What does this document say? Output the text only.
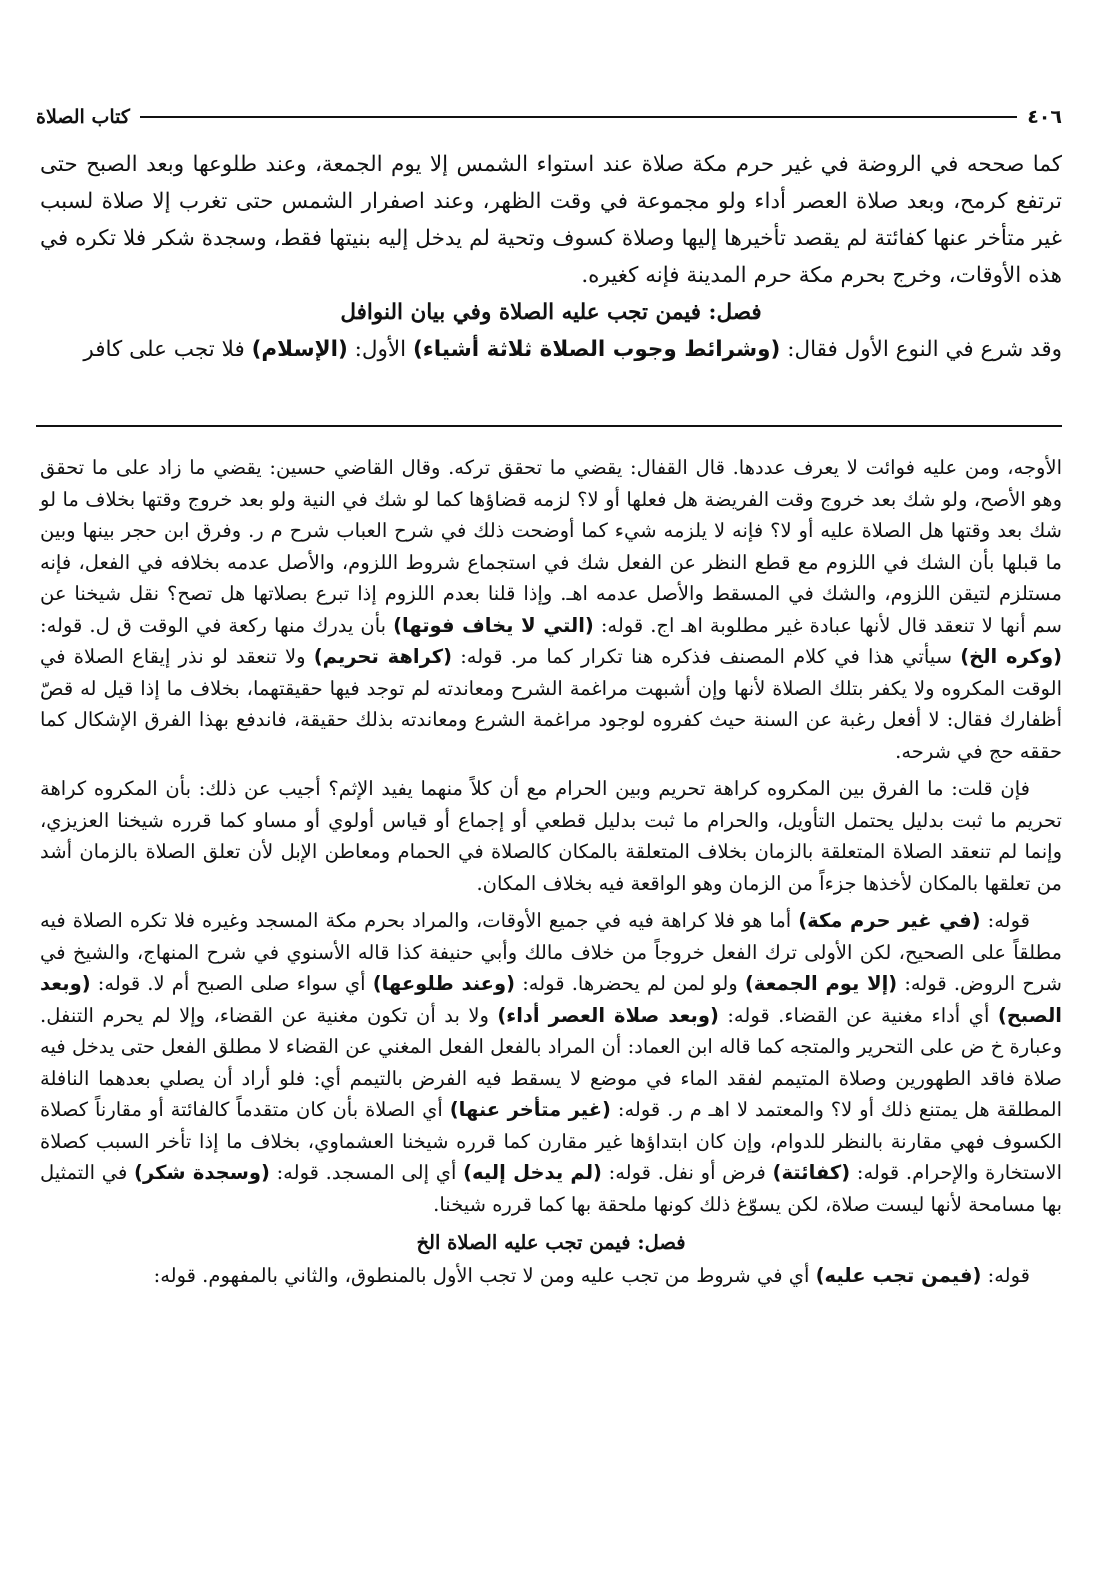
٤٠٦
كتاب الصلاة

كما صححه في الروضة في غير حرم مكة صلاة عند استواء الشمس إلا يوم الجمعة، وعند طلوعها وبعد الصبح حتى ترتفع كرمح، وبعد صلاة العصر أداء ولو مجموعة في وقت الظهر، وعند اصفرار الشمس حتى تغرب إلا صلاة لسبب غير متأخر عنها كفائتة لم يقصد تأخيرها إليها وصلاة كسوف وتحية لم يدخل إليه بنيتها فقط، وسجدة شكر فلا تكره في هذه الأوقات، وخرج بحرم مكة حرم المدينة فإنه كغيره.

فصل: فيمن تجب عليه الصلاة وفي بيان النوافل

وقد شرع في النوع الأول فقال: (وشرائط وجوب الصلاة ثلاثة أشياء) الأول: (الإسلام) فلا تجب على كافر

الأوجه، ومن عليه فوائت لا يعرف عددها. قال القفال: يقضي ما تحقق تركه. وقال القاضي حسين: يقضي ما زاد على ما تحقق وهو الأصح، ولو شك بعد خروج وقت الفريضة هل فعلها أو لا؟ لزمه قضاؤها كما لو شك في النية ولو بعد خروج وقتها بخلاف ما لو شك بعد وقتها هل الصلاة عليه أو لا؟ فإنه لا يلزمه شيء كما أوضحت ذلك في شرح العباب شرح م ر. وفرق ابن حجر بينها وبين ما قبلها بأن الشك في اللزوم مع قطع النظر عن الفعل شك في استجماع شروط اللزوم، والأصل عدمه بخلافه في الفعل، فإنه مستلزم لتيقن اللزوم، والشك في المسقط والأصل عدمه اهـ. وإذا قلنا بعدم اللزوم إذا تبرع بصلاتها هل تصح؟ نقل شيخنا عن سم أنها لا تنعقد قال لأنها عبادة غير مطلوبة اهـ اج. قوله: (التي لا يخاف فوتها) بأن يدرك منها ركعة في الوقت ق ل. قوله: (وكره الخ) سيأتي هذا في كلام المصنف فذكره هنا تكرار كما مر. قوله: (كراهة تحريم) ولا تنعقد لو نذر إيقاع الصلاة في الوقت المكروه ولا يكفر بتلك الصلاة لأنها وإن أشبهت مراغمة الشرح ومعاندته لم توجد فيها حقيقتهما، بخلاف ما إذا قيل له قصّ أظفارك فقال: لا أفعل رغبة عن السنة حيث كفروه لوجود مراغمة الشرع ومعاندته بذلك حقيقة، فاندفع بهذا الفرق الإشكال كما حققه حج في شرحه.

فإن قلت: ما الفرق بين المكروه كراهة تحريم وبين الحرام مع أن كلاً منهما يفيد الإثم؟ أجيب عن ذلك: بأن المكروه كراهة تحريم ما ثبت بدليل يحتمل التأويل، والحرام ما ثبت بدليل قطعي أو إجماع أو قياس أولوي أو مساو كما قرره شيخنا العزيزي، وإنما لم تنعقد الصلاة المتعلقة بالزمان بخلاف المتعلقة بالمكان كالصلاة في الحمام ومعاطن الإبل لأن تعلق الصلاة بالزمان أشد من تعلقها بالمكان لأخذها جزءاً من الزمان وهو الواقعة فيه بخلاف المكان.

قوله: (في غير حرم مكة) أما هو فلا كراهة فيه في جميع الأوقات، والمراد بحرم مكة المسجد وغيره فلا تكره الصلاة فيه مطلقاً على الصحيح، لكن الأولى ترك الفعل خروجاً من خلاف مالك وأبي حنيفة كذا قاله الأسنوي في شرح المنهاج، والشيخ في شرح الروض. قوله: (إلا يوم الجمعة) ولو لمن لم يحضرها. قوله: (وعند طلوعها) أي سواء صلى الصبح أم لا. قوله: (وبعد الصبح) أي أداء مغنية عن القضاء. قوله: (وبعد صلاة العصر أداء) ولا بد أن تكون مغنية عن القضاء، وإلا لم يحرم التنفل. وعبارة خ ض على التحرير والمتجه كما قاله ابن العماد: أن المراد بالفعل الفعل المغني عن القضاء لا مطلق الفعل حتى يدخل فيه صلاة فاقد الطهورين وصلاة المتيمم لفقد الماء في موضع لا يسقط فيه الفرض بالتيمم أي: فلو أراد أن يصلي بعدهما النافلة المطلقة هل يمتنع ذلك أو لا؟ والمعتمد لا اهـ م ر. قوله: (غير متأخر عنها) أي الصلاة بأن كان متقدماً كالفائتة أو مقارناً كصلاة الكسوف فهي مقارنة بالنظر للدوام، وإن كان ابتداؤها غير مقارن كما قرره شيخنا العشماوي، بخلاف ما إذا تأخر السبب كصلاة الاستخارة والإحرام. قوله: (كفائتة) فرض أو نفل. قوله: (لم يدخل إليه) أي إلى المسجد. قوله: (وسجدة شكر) في التمثيل بها مسامحة لأنها ليست صلاة، لكن يسوّغ ذلك كونها ملحقة بها كما قرره شيخنا.

فصل: فيمن تجب عليه الصلاة الخ

قوله: (فيمن تجب عليه) أي في شروط من تجب عليه ومن لا تجب الأول بالمنطوق، والثاني بالمفهوم. قوله:
